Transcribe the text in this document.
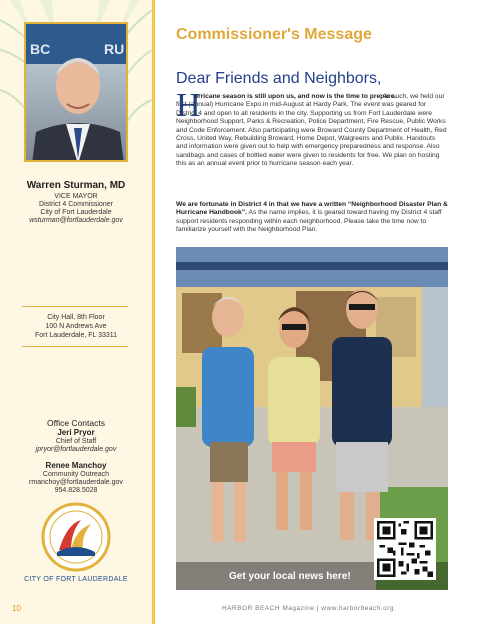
BC	RU
Warren Sturman, MD
VICE MAYOR
District 4 Commissioner
City of Fort Lauderdale
wsturman@fortlauderdale.gov
City Hall, 8th Floor
100 N Andrews Ave
Fort Lauderdale, FL 33311
Office Contacts
Jeri Pryor
Chief of Staff
jpryor@fortlauderdale.gov
Renee Manchoy
Community Outreach
rmanchoy@fortlauderdale.gov
954.828.5028
CITY OF FORT LAUDERDALE
10
Commissioner's Message
Dear Friends and Neighbors,
H
urricane season is still upon us, and now is the time to prepare.
As such, we held our first (annual) Hurricane Expo in mid-August at Hardy Park. The event was geared for District 4 and open to all residents in the city. Supporting us from Fort Lauderdale were Neighborhood Support, Parks & Recreation, Police Department, Fire Rescue, Public Works and Code Enforcement. Also participating were Broward County Department of Health, Red Cross, United Way, Rebuilding Broward, Home Depot, Walgreens and Publix. Handouts and information were given out to help with emergency preparedness and response. Also sandbags and cases of bottled water were given to residents for free. We plan on hosting this as an annual event prior to hurricane season each year.
We are fortunate in District 4 in that we have a written “Neighborhood Disaster Plan & Hurricane Handbook”. As the name implies, it is geared toward having my District 4 staff support residents responding within each neighborhood. Please take the time now to familiarize yourself with the Neighborhood Plan.
Get your local news here!
HARBOR BEACH Magazine | www.harborbeach.org
